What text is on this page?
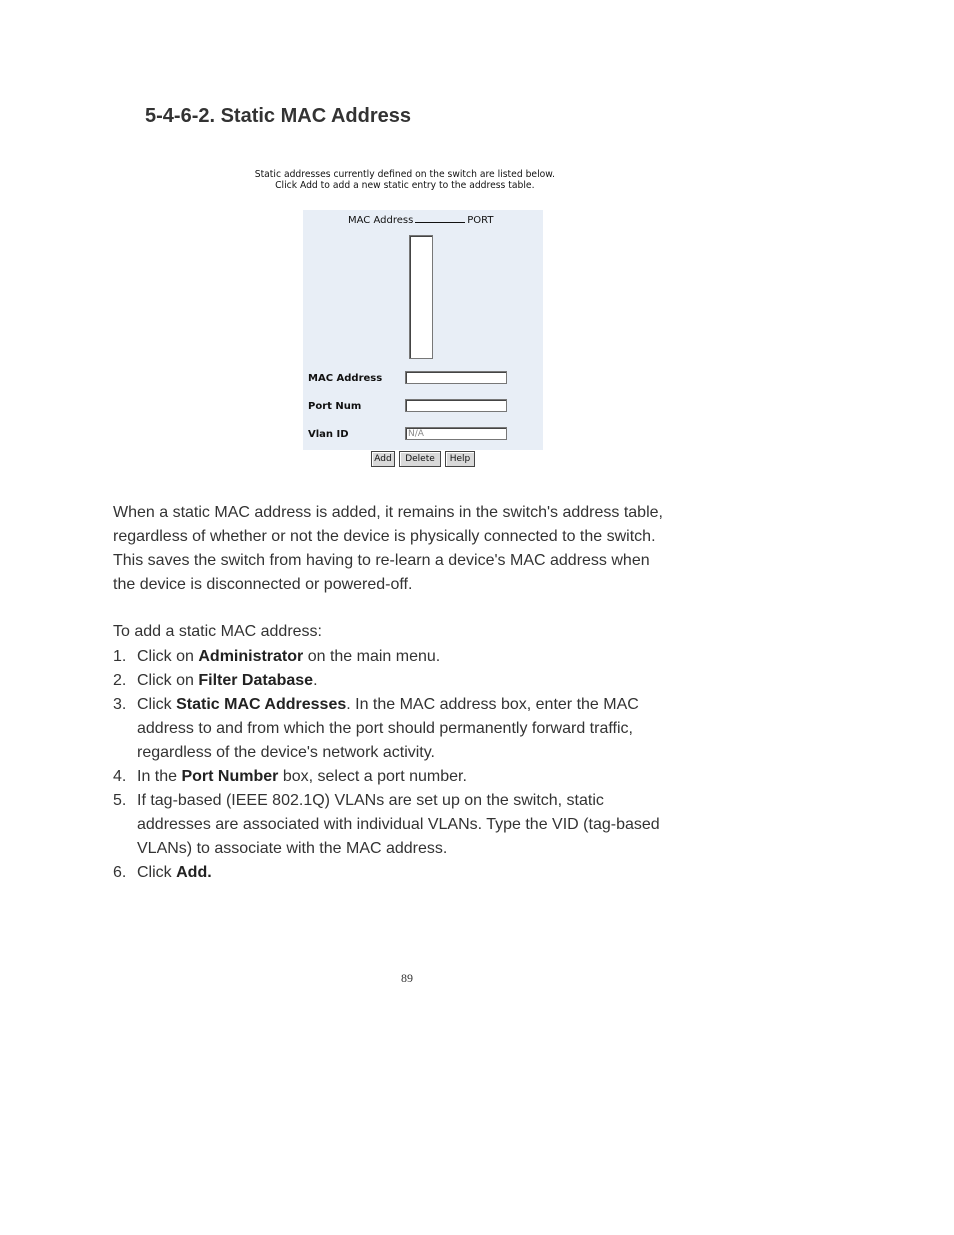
5-4-6-2. Static MAC Address
Static addresses currently defined on the switch are listed below.
Click Add to add a new static entry to the address table.
MAC Address	PORT
MAC Address
Port Num
Vlan ID	N/A
Add	Delete	Help
When a static MAC address is added, it remains in the switch's address table,
regardless of whether or not the device is physically connected to the switch.
This saves the switch from having to re-learn a device's MAC address when
the device is disconnected or powered-off.
To add a static MAC address:
1. Click on Administrator on the main menu.
2. Click on Filter Database.
3. Click Static MAC Addresses. In the MAC address box, enter the MAC
address to and from which the port should permanently forward traffic,
regardless of the device's network activity.
4. In the Port Number box, select a port number.
5. If tag-based (IEEE 802.1Q) VLANs are set up on the switch, static
addresses are associated with individual VLANs. Type the VID (tag-based
VLANs) to associate with the MAC address.
6. Click Add.
89
